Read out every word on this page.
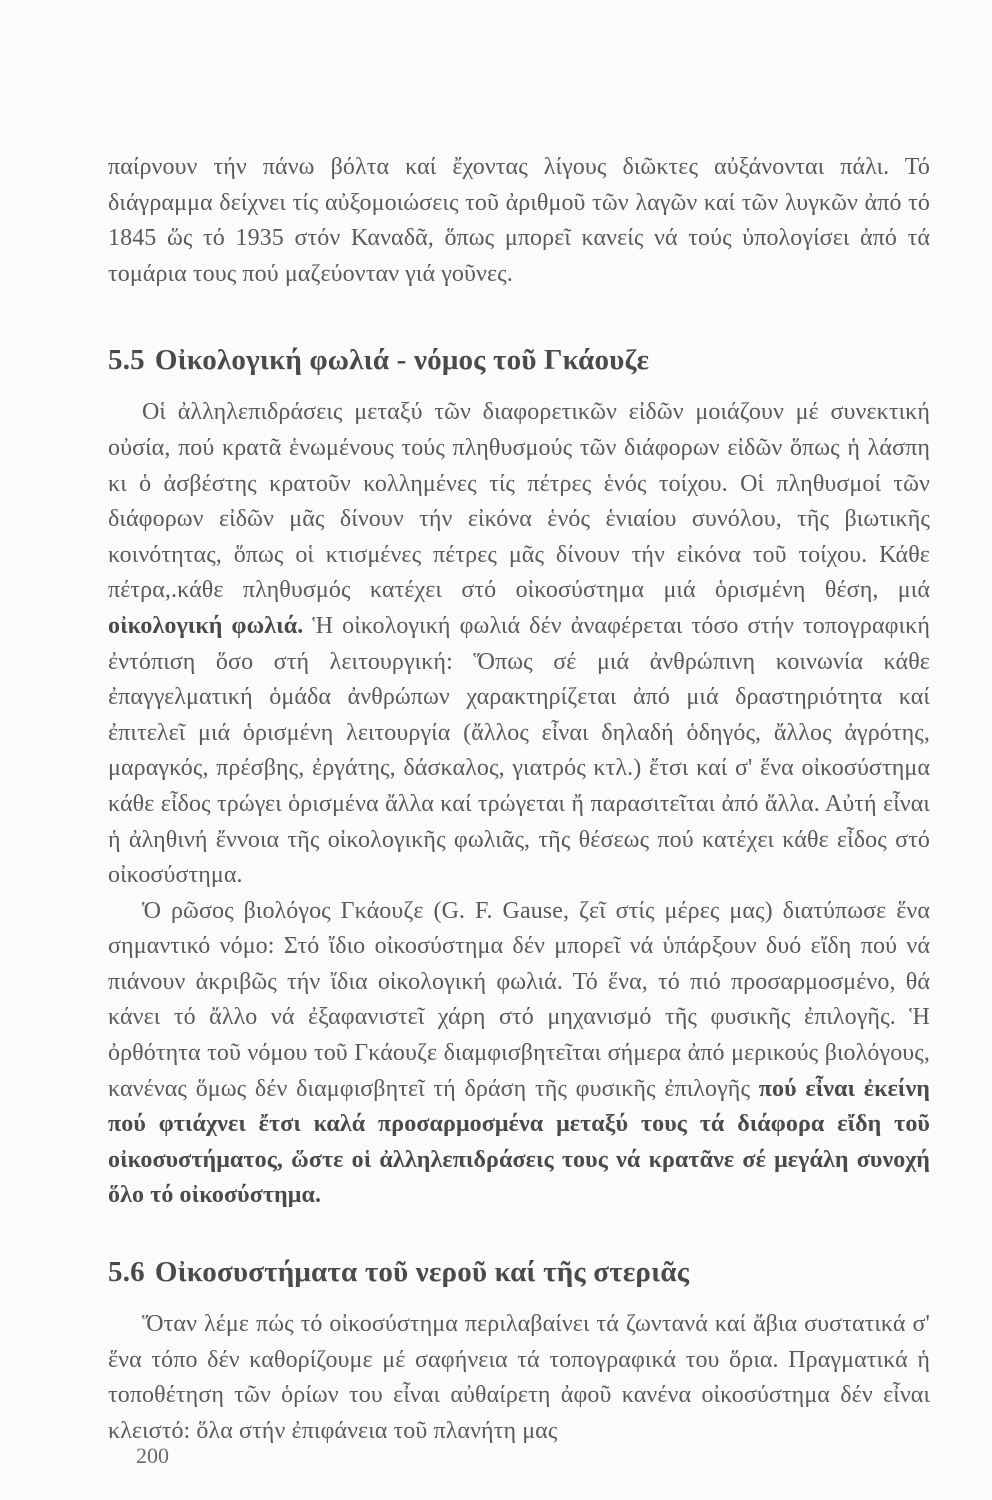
παίρνουν τήν πάνω βόλτα καί ἔχοντας λίγους διῶκτες αὐξάνονται πάλι. Τό διάγραμμα δείχνει τίς αὐξομοιώσεις τοῦ ἀριθμοῦ τῶν λαγῶν καί τῶν λυγκῶν ἀπό τό 1845 ὥς τό 1935 στόν Καναδᾶ, ὅπως μπορεῖ κανείς νά τούς ὑπολογίσει ἀπό τά τομάρια τους πού μαζεύονταν γιά γοῦνες.

5.5 Οἰκολογική φωλιά - νόμος τοῦ Γκάουζε

Οἱ ἀλληλεπιδράσεις μεταξύ τῶν διαφορετικῶν εἰδῶν μοιάζουν μέ συνεκτική οὐσία, πού κρατᾶ ἑνωμένους τούς πληθυσμούς τῶν διάφορων εἰδῶν ὅπως ἡ λάσπη κι ὁ ἀσβέστης κρατοῦν κολλημένες τίς πέτρες ἑνός τοίχου. Οἱ πληθυσμοί τῶν διάφορων εἰδῶν μᾶς δίνουν τήν εἰκόνα ἑνός ἑνιαίου συνόλου, τῆς βιωτικῆς κοινότητας, ὅπως οἱ κτισμένες πέτρες μᾶς δίνουν τήν εἰκόνα τοῦ τοίχου. Κάθε πέτρα,.κάθε πληθυσμός κατέχει στό οἰκοσύστημα μιά ὁρισμένη θέση, μιά οἰκολογική φωλιά. Ἡ οἰκολογική φωλιά δέν ἀναφέρεται τόσο στήν τοπογραφική ἐντόπιση ὅσο στή λειτουργική: Ὅπως σέ μιά ἀνθρώπινη κοινωνία κάθε ἐπαγγελματική ὁμάδα ἀνθρώπων χαρακτηρίζεται ἀπό μιά δραστηριότητα καί ἐπιτελεῖ μιά ὁρισμένη λειτουργία (ἄλλος εἶναι δηλαδή ὁδηγός, ἄλλος ἀγρότης, μαραγκός, πρέσβης, ἐργάτης, δάσκαλος, γιατρός κτλ.) ἔτσι καί σ' ἕνα οἰκοσύστημα κάθε εἶδος τρώγει ὁρισμένα ἄλλα καί τρώγεται ἤ παρασιτεῖται ἀπό ἄλλα. Αὐτή εἶναι ἡ ἀληθινή ἔννοια τῆς οἰκολογικῆς φωλιᾶς, τῆς θέσεως πού κατέχει κάθε εἶδος στό οἰκοσύστημα.

Ὁ ρῶσος βιολόγος Γκάουζε (G. F. Gause, ζεῖ στίς μέρες μας) διατύπωσε ἕνα σημαντικό νόμο: Στό ἴδιο οἰκοσύστημα δέν μπορεῖ νά ὑπάρξουν δυό εἴδη πού νά πιάνουν ἀκριβῶς τήν ἴδια οἰκολογική φωλιά. Τό ἕνα, τό πιό προσαρμοσμένο, θά κάνει τό ἄλλο νά ἐξαφανιστεῖ χάρη στό μηχανισμό τῆς φυσικῆς ἐπιλογῆς. Ἡ ὀρθότητα τοῦ νόμου τοῦ Γκάουζε διαμφισβητεῖται σήμερα ἀπό μερικούς βιολόγους, κανένας ὅμως δέν διαμφισβητεῖ τή δράση τῆς φυσικῆς ἐπιλογῆς πού εἶναι ἐκείνη πού φτιάχνει ἔτσι καλά προσαρμοσμένα μεταξύ τους τά διάφορα εἴδη τοῦ οἰκοσυστήματος, ὥστε οἱ ἀλληλεπιδράσεις τους νά κρατᾶνε σέ μεγάλη συνοχή ὅλο τό οἰκοσύστημα.

5.6 Οἰκοσυστήματα τοῦ νεροῦ καί τῆς στεριᾶς

Ὅταν λέμε πώς τό οἰκοσύστημα περιλαβαίνει τά ζωντανά καί ἄβια συστατικά σ' ἕνα τόπο δέν καθορίζουμε μέ σαφήνεια τά τοπογραφικά του ὅρια. Πραγματικά ἡ τοποθέτηση τῶν ὁρίων του εἶναι αὐθαίρετη ἀφοῦ κανένα οἰκοσύστημα δέν εἶναι κλειστό: ὅλα στήν ἐπιφάνεια τοῦ πλανήτη μας

200
